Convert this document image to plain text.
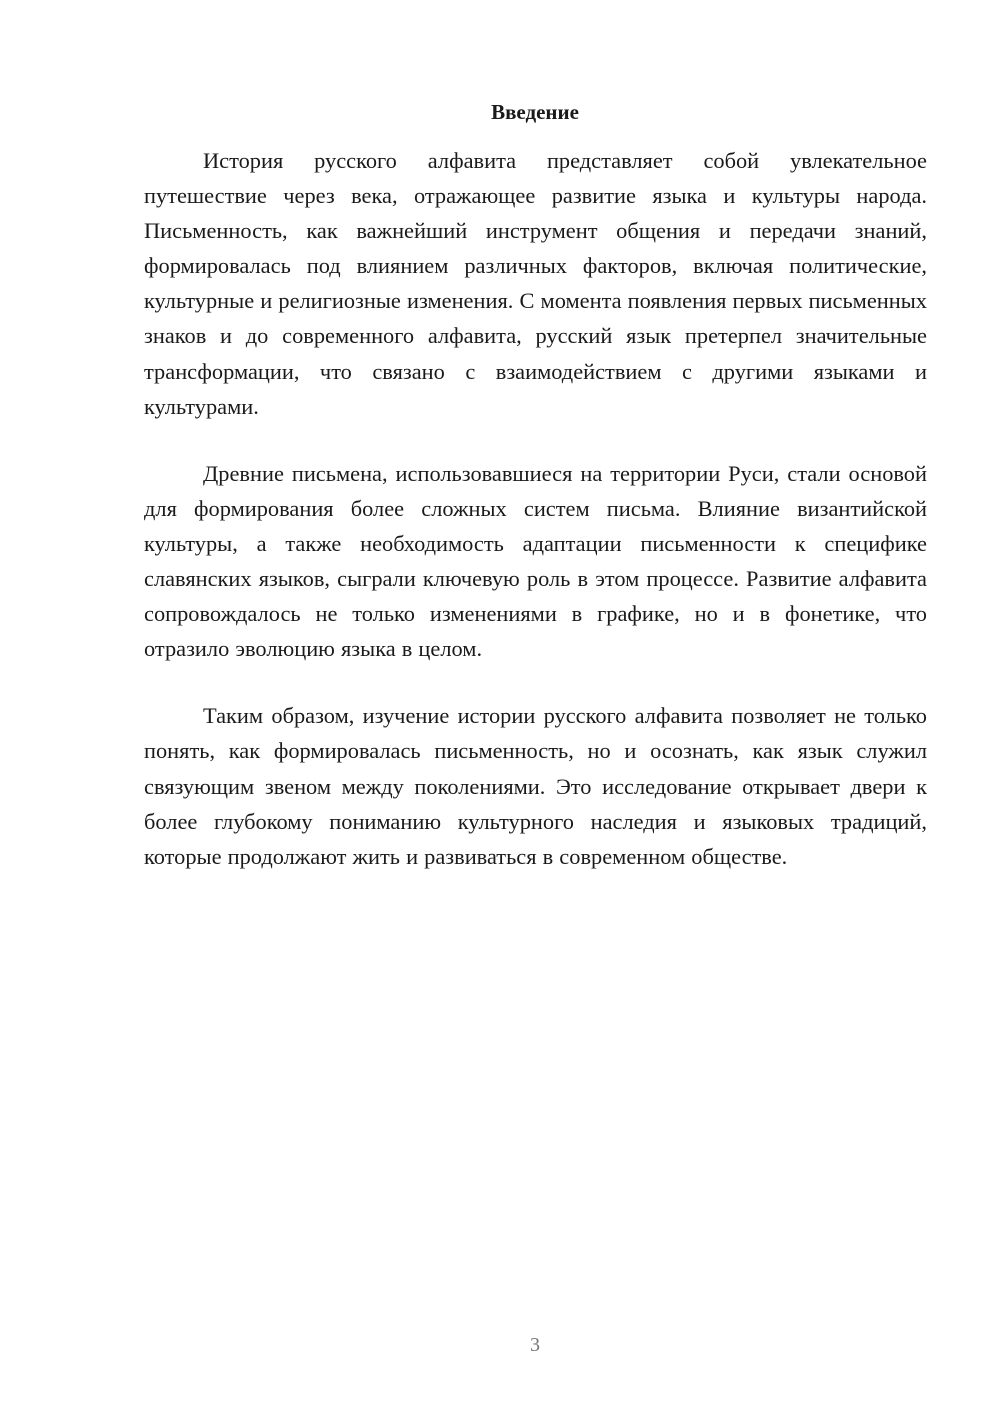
Введение

История русского алфавита представляет собой увлекательное путешествие через века, отражающее развитие языка и культуры народа. Письменность, как важнейший инструмент общения и передачи знаний, формировалась под влиянием различных факторов, включая политические, культурные и религиозные изменения. С момента появления первых письменных знаков и до современного алфавита, русский язык претерпел значительные трансформации, что связано с взаимодействием с другими языками и культурами.

Древние письмена, использовавшиеся на территории Руси, стали основой для формирования более сложных систем письма. Влияние византийской культуры, а также необходимость адаптации письменности к специфике славянских языков, сыграли ключевую роль в этом процессе. Развитие алфавита сопровождалось не только изменениями в графике, но и в фонетике, что отразило эволюцию языка в целом.

Таким образом, изучение истории русского алфавита позволяет не только понять, как формировалась письменность, но и осознать, как язык служил связующим звеном между поколениями. Это исследование открывает двери к более глубокому пониманию культурного наследия и языковых традиций, которые продолжают жить и развиваться в современном обществе.

3
